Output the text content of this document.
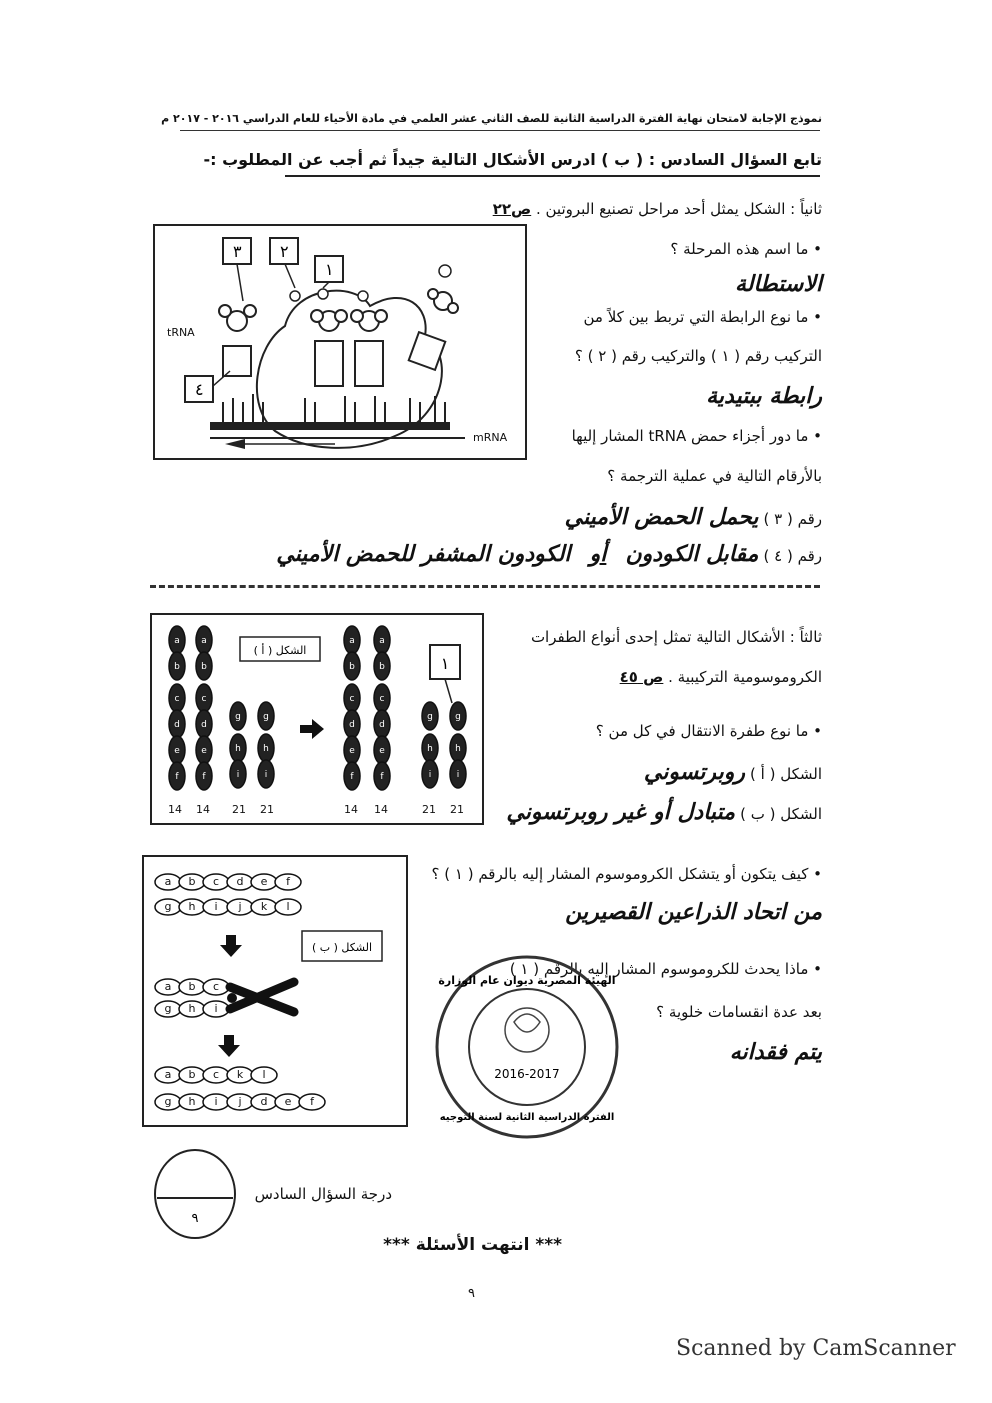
نموذج الإجابة لامتحان نهاية الفترة الدراسية الثانية للصف الثاني عشر العلمي في مادة الأحياء للعام الدراسي ٢٠١٦ - ٢٠١٧ م
تابع السؤال السادس : ( ب ) ادرس الأشكال التالية جيداً ثم أجب عن المطلوب :-
ثانياً : الشكل يمثل أحد مراحل تصنيع البروتين . ص٢٢
• ما اسم هذه المرحلة ؟
الاستطالة
• ما نوع الرابطة التي تربط بين كلاً من
التركيب رقم ( ١ ) والتركيب رقم ( ٢ ) ؟
رابطة ببتيدية
• ما دور أجزاء حمض tRNA المشار إليها
بالأرقام التالية في عملية الترجمة ؟
رقم ( ٣ ) يحمل الحمض الأميني
رقم ( ٤ ) مقابل الكودون أو الكودون المشفر للحمض الأميني
tRNA
mRNA
٣ ٢
١
٤
ثالثاً : الأشكال التالية تمثل إحدى أنواع الطفرات
الكروموسومية التركيبية . ص ٤٥
• ما نوع طفرة الانتقال في كل من ؟
الشكل ( أ ) روبرتسوني
الشكل ( ب ) متبادل أو غير روبرتسوني
• كيف يتكون أو يتشكل الكروموسوم المشار إليه بالرقم ( ١ ) ؟
من اتحاد الذراعين القصيرين
• ماذا يحدث للكروموسوم المشار إليه بالرقم ( ١ )
بعد عدة انقسامات خلوية ؟
يتم فقدانه
a
b
c
d
e
f
a
b
c
d
e
f
g
h
i
g
h
i
a
b
c
d
e
f
a
b
c
d
e
f
g
h
i
g
h
i
الشكل ( أ )
١
14 14 21 21	14 14	21 21
a b c d e f
g h i j k l
a b c
g h i
a b c k l
g h i j d e f
الشكل ( ب )
الهيئة المصرية ديوان عام الوزارة
2016-2017
الفترة الدراسية الثانية لسنة التوجيه
٩
درجة السؤال السادس
*** انتهت الأسئلة ***
٩
Scanned by CamScanner
